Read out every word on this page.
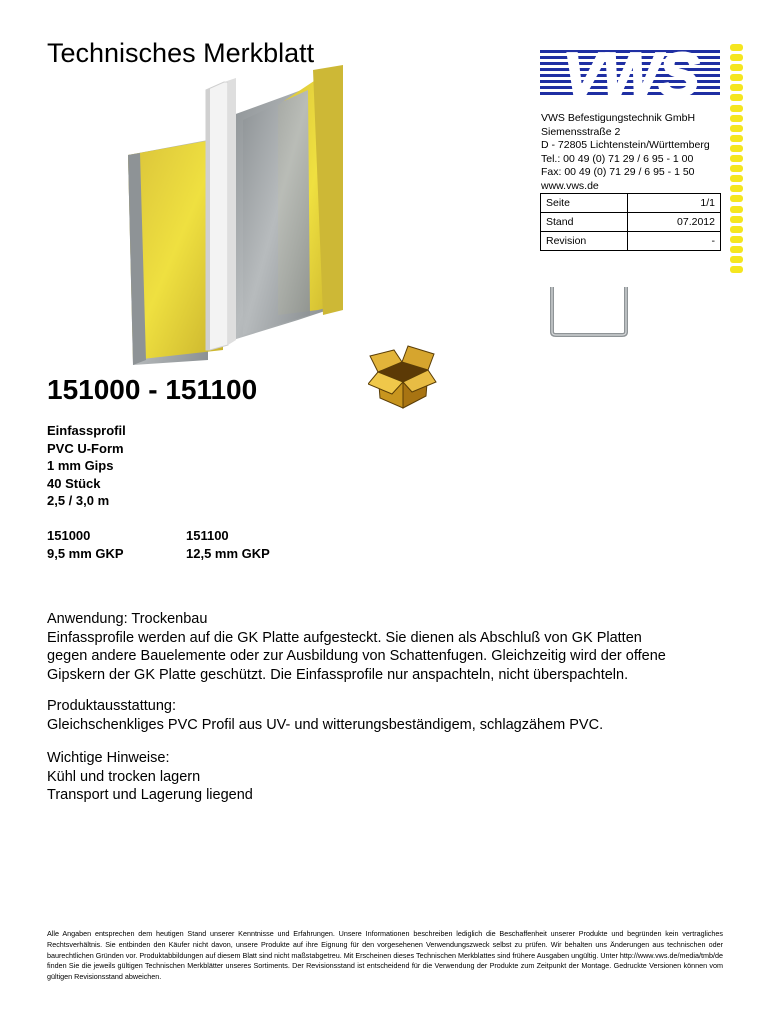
Technisches Merkblatt	VWS
VWS Befestigungstechnik GmbH
Siemensstraße 2
D - 72805 Lichtenstein/Württemberg
Tel.: 00 49 (0) 71 29 / 6 95 - 1 00
Fax: 00 49 (0) 71 29 / 6 95 - 1 50
www.vws.de
Seite	1/1
Stand	07.2012
Revision	-
151000 - 151100
Einfassprofil
PVC U-Form
1 mm Gips
40 Stück
2,5 / 3,0 m
151000
9,5 mm GKP
151100
12,5 mm GKP
Anwendung: Trockenbau
Einfassprofile werden auf die GK Platte aufgesteckt. Sie dienen als Abschluß von GK Platten
gegen andere Bauelemente oder zur Ausbildung von Schattenfugen. Gleichzeitig wird der offene
Gipskern der GK Platte geschützt. Die Einfassprofile nur anspachteln, nicht überspachteln.
Produktausstattung:
Gleichschenkliges PVC Profil aus UV- und witterungsbeständigem, schlagzähem PVC.
Wichtige Hinweise:
Kühl und trocken lagern
Transport und Lagerung liegend
Alle Angaben entsprechen dem heutigen Stand unserer Kenntnisse und Erfahrungen. Unsere Informationen beschreiben lediglich die Beschaffenheit unserer Produkte und begründen kein vertragliches Rechtsverhältnis. Sie entbinden den Käufer nicht davon, unsere Produkte auf ihre Eignung für den vorgesehenen Verwendungszweck selbst zu prüfen. Wir behalten uns Änderungen aus technischen oder baurechtlichen Gründen vor. Produktabbildungen auf diesem Blatt sind nicht maßstabgetreu. Mit Erscheinen dieses Technischen Merkblattes sind frühere Ausgaben ungültig. Unter http://www.vws.de/media/tmb/de finden Sie die jeweils gültigen Technischen Merkblätter unseres Sortiments. Der Revisionsstand ist entscheidend für die Verwendung der Produkte zum Zeitpunkt der Montage. Gedruckte Versionen können vom gültigen Revisionsstand abweichen.
